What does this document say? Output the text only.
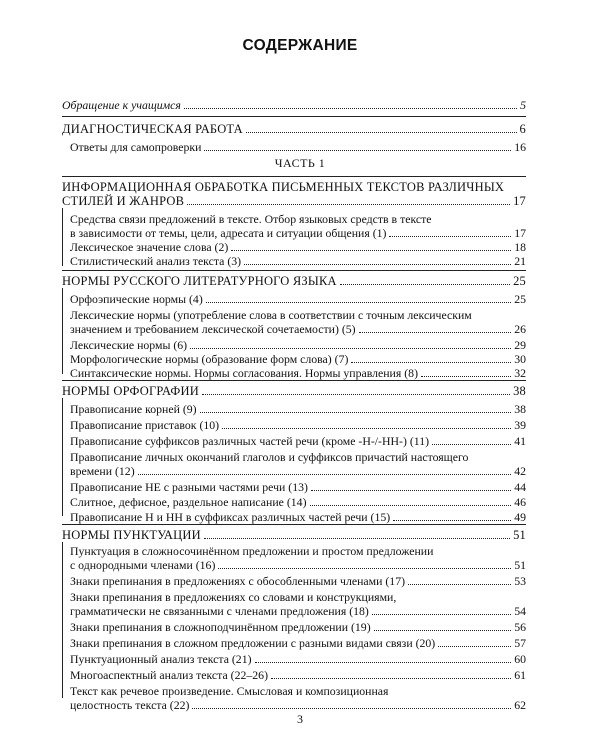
СОДЕРЖАНИЕ
Обращение к учащимся	5
ДИАГНОСТИЧЕСКАЯ РАБОТА	6
Ответы для самопроверки	16
ЧАСТЬ 1
ИНФОРМАЦИОННАЯ ОБРАБОТКА ПИСЬМЕННЫХ ТЕКСТОВ РАЗЛИЧНЫХ
СТИЛЕЙ И ЖАНРОВ	17
Средства связи предложений в тексте. Отбор языковых средств в тексте
в зависимости от темы, цели, адресата и ситуации общения (1)	17
Лексическое значение слова (2)	18
Стилистический анализ текста (3)	21
НОРМЫ РУССКОГО ЛИТЕРАТУРНОГО ЯЗЫКА	25
Орфоэпические нормы (4)	25
Лексические нормы (употребление слова в соответствии с точным лексическим
значением и требованием лексической сочетаемости) (5)	26
Лексические нормы (6)	29
Морфологические нормы (образование форм слова) (7)	30
Синтаксические нормы. Нормы согласования. Нормы управления (8)	32
НОРМЫ ОРФОГРАФИИ	38
Правописание корней (9)	38
Правописание приставок (10)	39
Правописание суффиксов различных частей речи (кроме -Н-/-НН-) (11)	41
Правописание личных окончаний глаголов и суффиксов причастий настоящего
времени (12)	42
Правописание НЕ с разными частями речи (13)	44
Слитное, дефисное, раздельное написание (14)	46
Правописание Н и НН в суффиксах различных частей речи (15)	49
НОРМЫ ПУНКТУАЦИИ	51
Пунктуация в сложносочинённом предложении и простом предложении
с однородными членами (16)	51
Знаки препинания в предложениях с обособленными членами (17)	53
Знаки препинания в предложениях со словами и конструкциями,
грамматически не связанными с членами предложения (18)	54
Знаки препинания в сложноподчинённом предложении (19)	56
Знаки препинания в сложном предложении с разными видами связи (20)	57
Пунктуационный анализ текста (21)	60
Многоаспектный анализ текста (22–26)	61
Текст как речевое произведение. Смысловая и композиционная
целостность текста (22)	62
3
